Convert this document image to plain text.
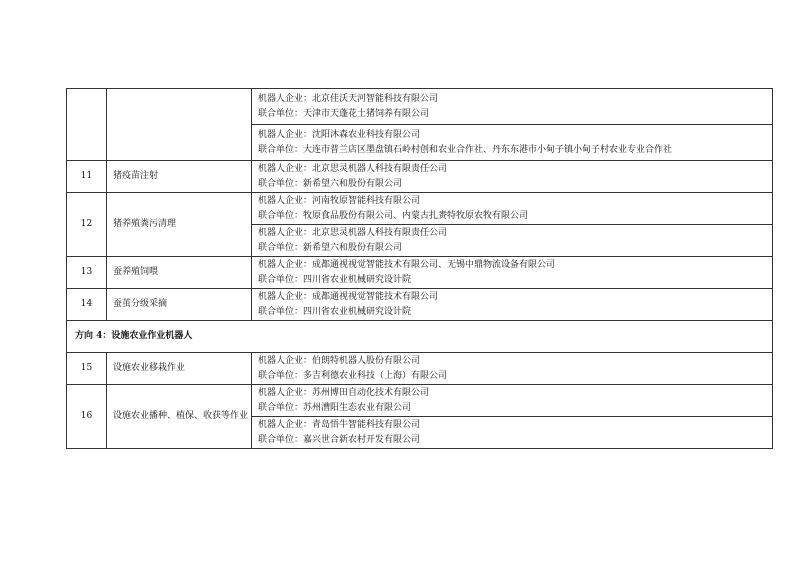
		机器人企业：北京佳沃天河智能科技有限公司
联合单位：天津市天蓬花土猪饲养有限公司

		机器人企业：沈阳沐森农业科技有限公司
联合单位：大连市普兰店区墨盘镇石岭村创和农业合作社、丹东东港市小甸子镇小甸子村农业专业合作社

11	猪疫苗注射	机器人企业：北京思灵机器人科技有限责任公司
联合单位：新希望六和股份有限公司

12	猪养殖粪污清理	机器人企业：河南牧原智能科技有限公司
联合单位：牧原食品股份有限公司、内蒙古扎赉特牧原农牧有限公司

		机器人企业：北京思灵机器人科技有限责任公司
联合单位：新希望六和股份有限公司

13	蚕养殖饲喂	机器人企业：成都通视视觉智能技术有限公司、无锡中鼎物流设备有限公司
联合单位：四川省农业机械研究设计院

14	蚕茧分级采摘	机器人企业：成都通视视觉智能技术有限公司
联合单位：四川省农业机械研究设计院

方向 4：设施农业作业机器人		
15	设施农业移栽作业	机器人企业：伯朗特机器人股份有限公司
联合单位：多吉利德农业科技（上海）有限公司

16	设施农业播种、植保、收获等作业	机器人企业：苏州博田自动化技术有限公司
联合单位：苏州漕阳生态农业有限公司

		机器人企业：青岛悟牛智能科技有限公司
联合单位：嘉兴世合新农村开发有限公司
